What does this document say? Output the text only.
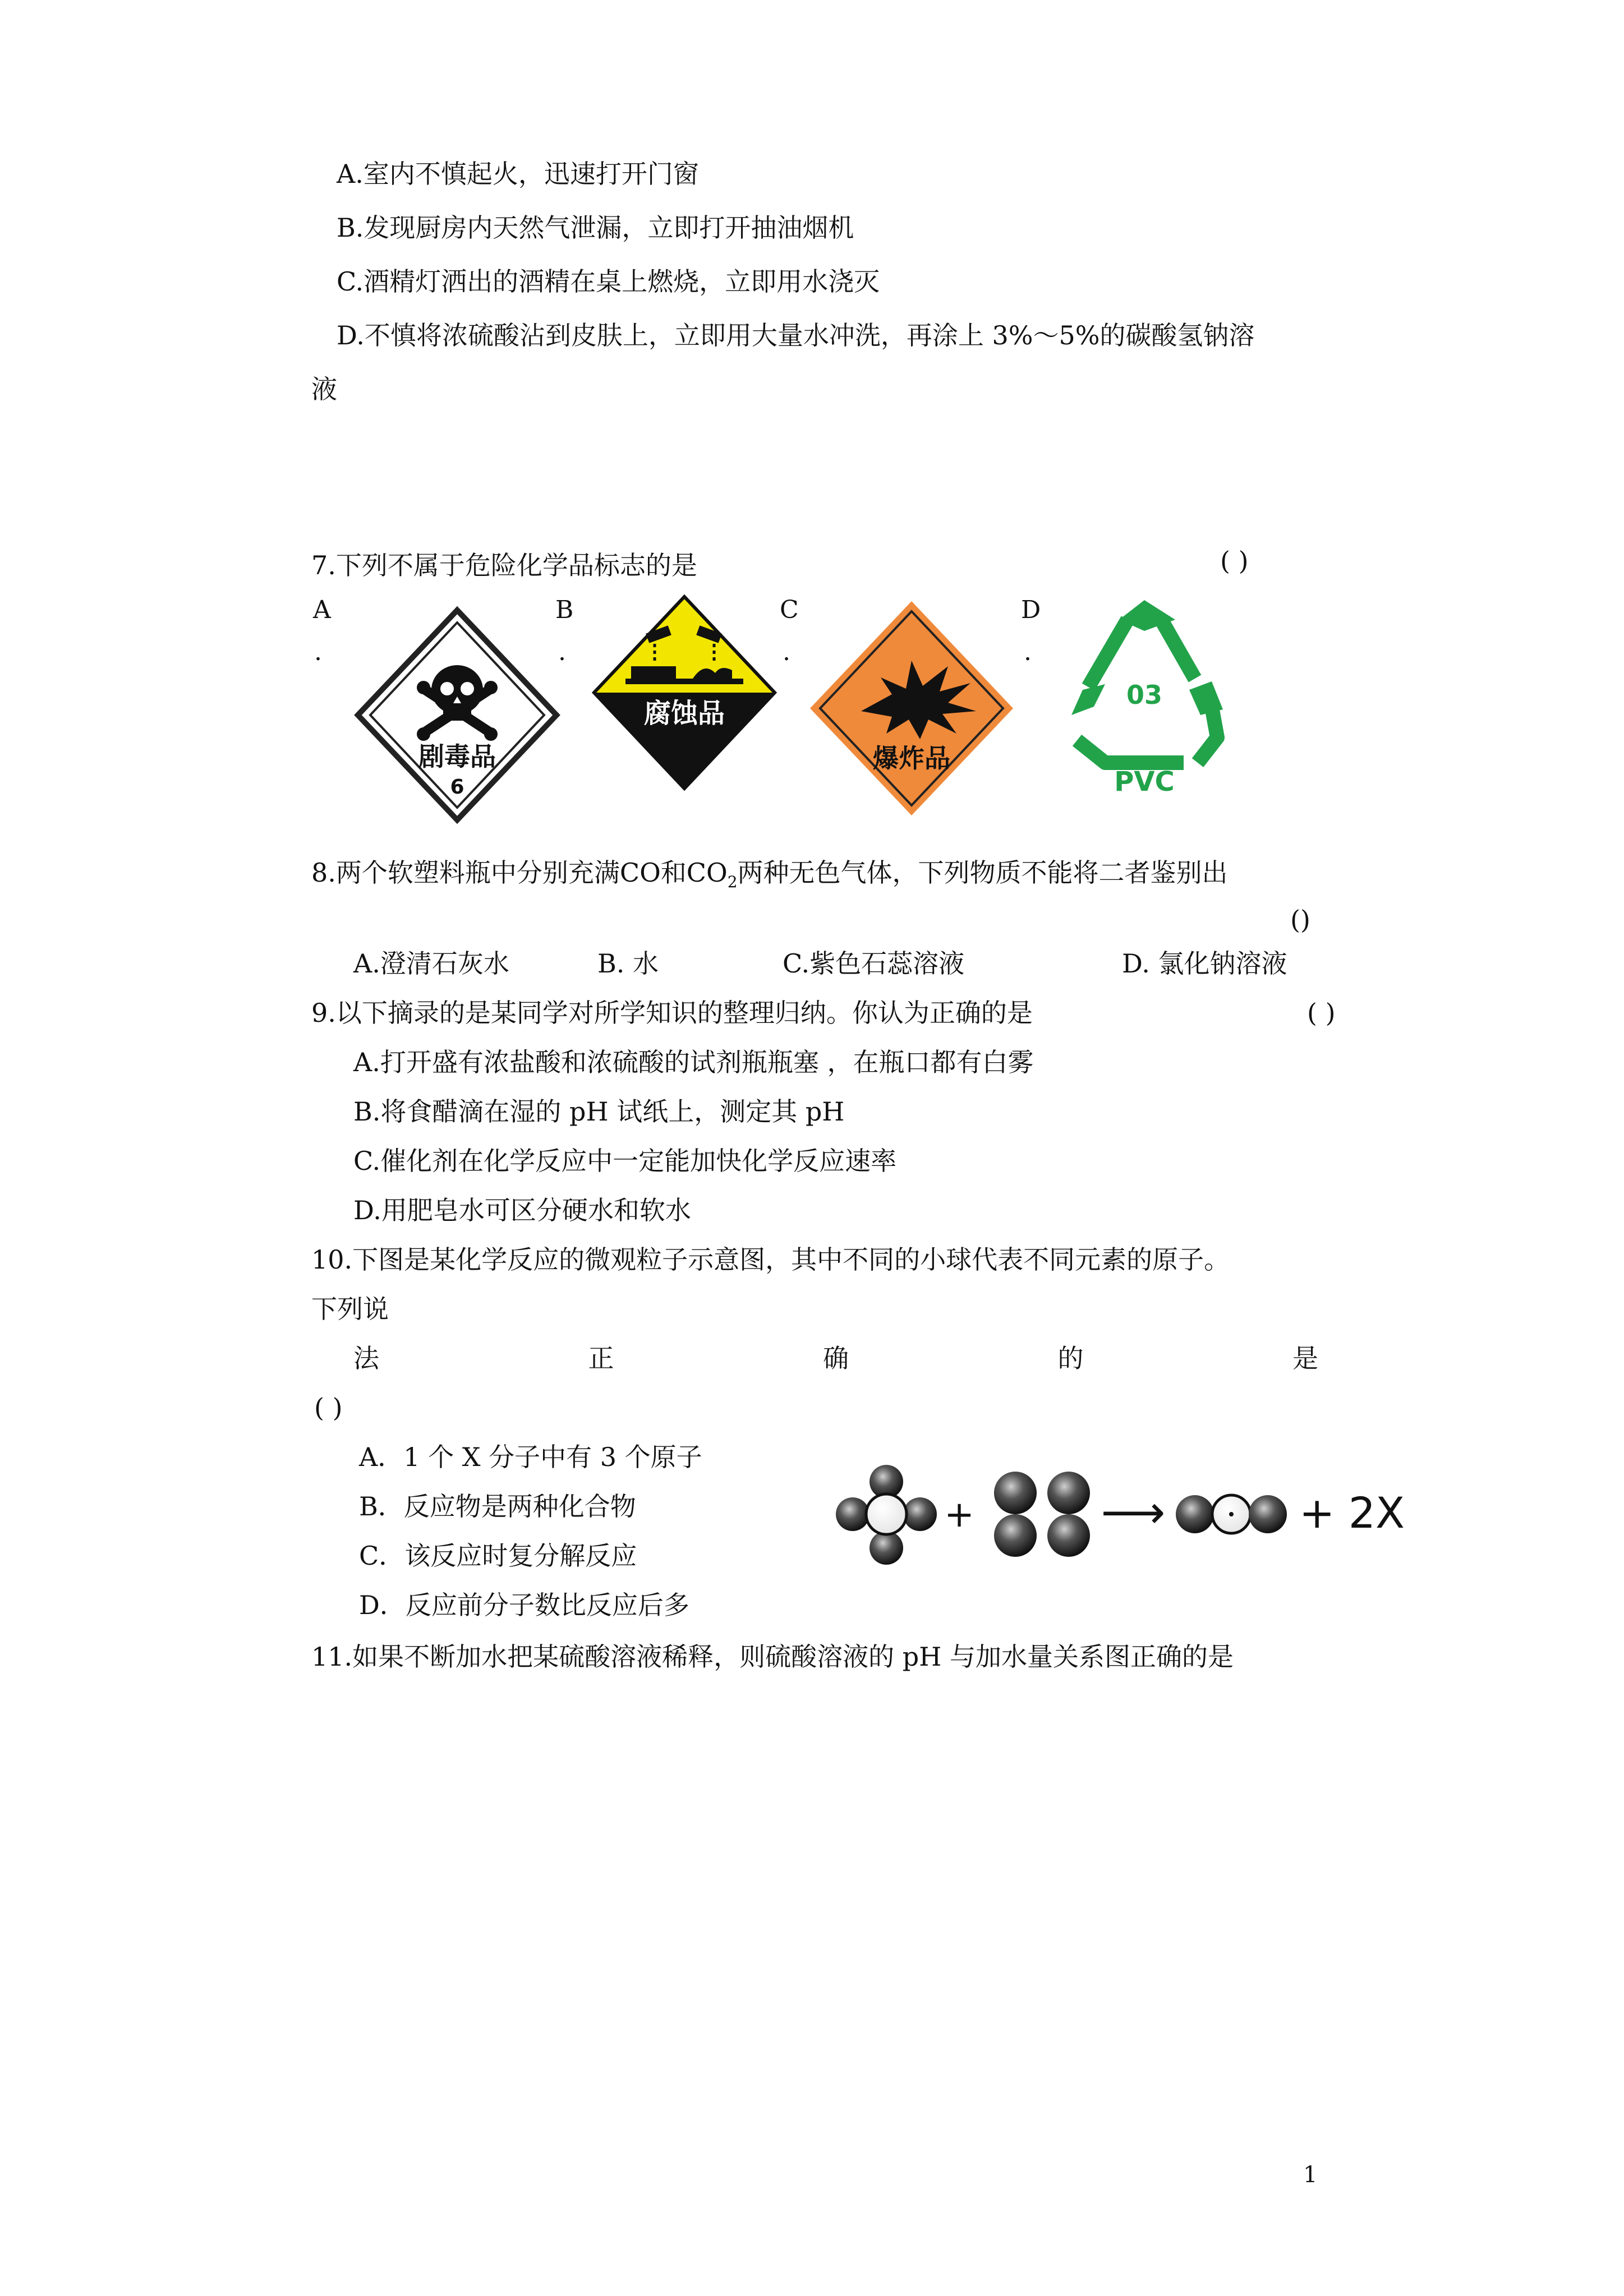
A.室内不慎起火，迅速打开门窗
B.发现厨房内天然气泄漏，立即打开抽油烟机
C.酒精灯洒出的酒精在桌上燃烧，立即用水浇灭
D.不慎将浓硫酸沾到皮肤上，立即用大量水冲洗，再涂上 3%～5%的碳酸氢钠溶
液
7.下列不属于危险化学品标志的是	( )
A
.
B
.
C
.
D
.
剧毒品
6
腐蚀品
爆炸品
03
PVC
8.两个软塑料瓶中分别充满CO和$CO_2$两种无色气体，下列物质不能将二者鉴别出
()
A.澄清石灰水	B. 水	C.紫色石蕊溶液	D. 氯化钠溶液
9.以下摘录的是某同学对所学知识的整理归纳。你认为正确的是	( )
A.打开盛有浓盐酸和浓硫酸的试剂瓶瓶塞 ，在瓶口都有白雾
B.将食醋滴在湿的 pH 试纸上，测定其 pH
C.催化剂在化学反应中一定能加快化学反应速率
D.用肥皂水可区分硬水和软水
10.下图是某化学反应的微观粒子示意图，其中不同的小球代表不同元素的原子。
下列说
法	正	确	的	是
( )
A．1 个 X 分子中有 3 个原子
B．反应物是两种化合物
C．该反应时复分解反应
D．反应前分子数比反应后多
+	⟶	+ 2X
11.如果不断加水把某硫酸溶液稀释，则硫酸溶液的 pH 与加水量关系图正确的是
1
